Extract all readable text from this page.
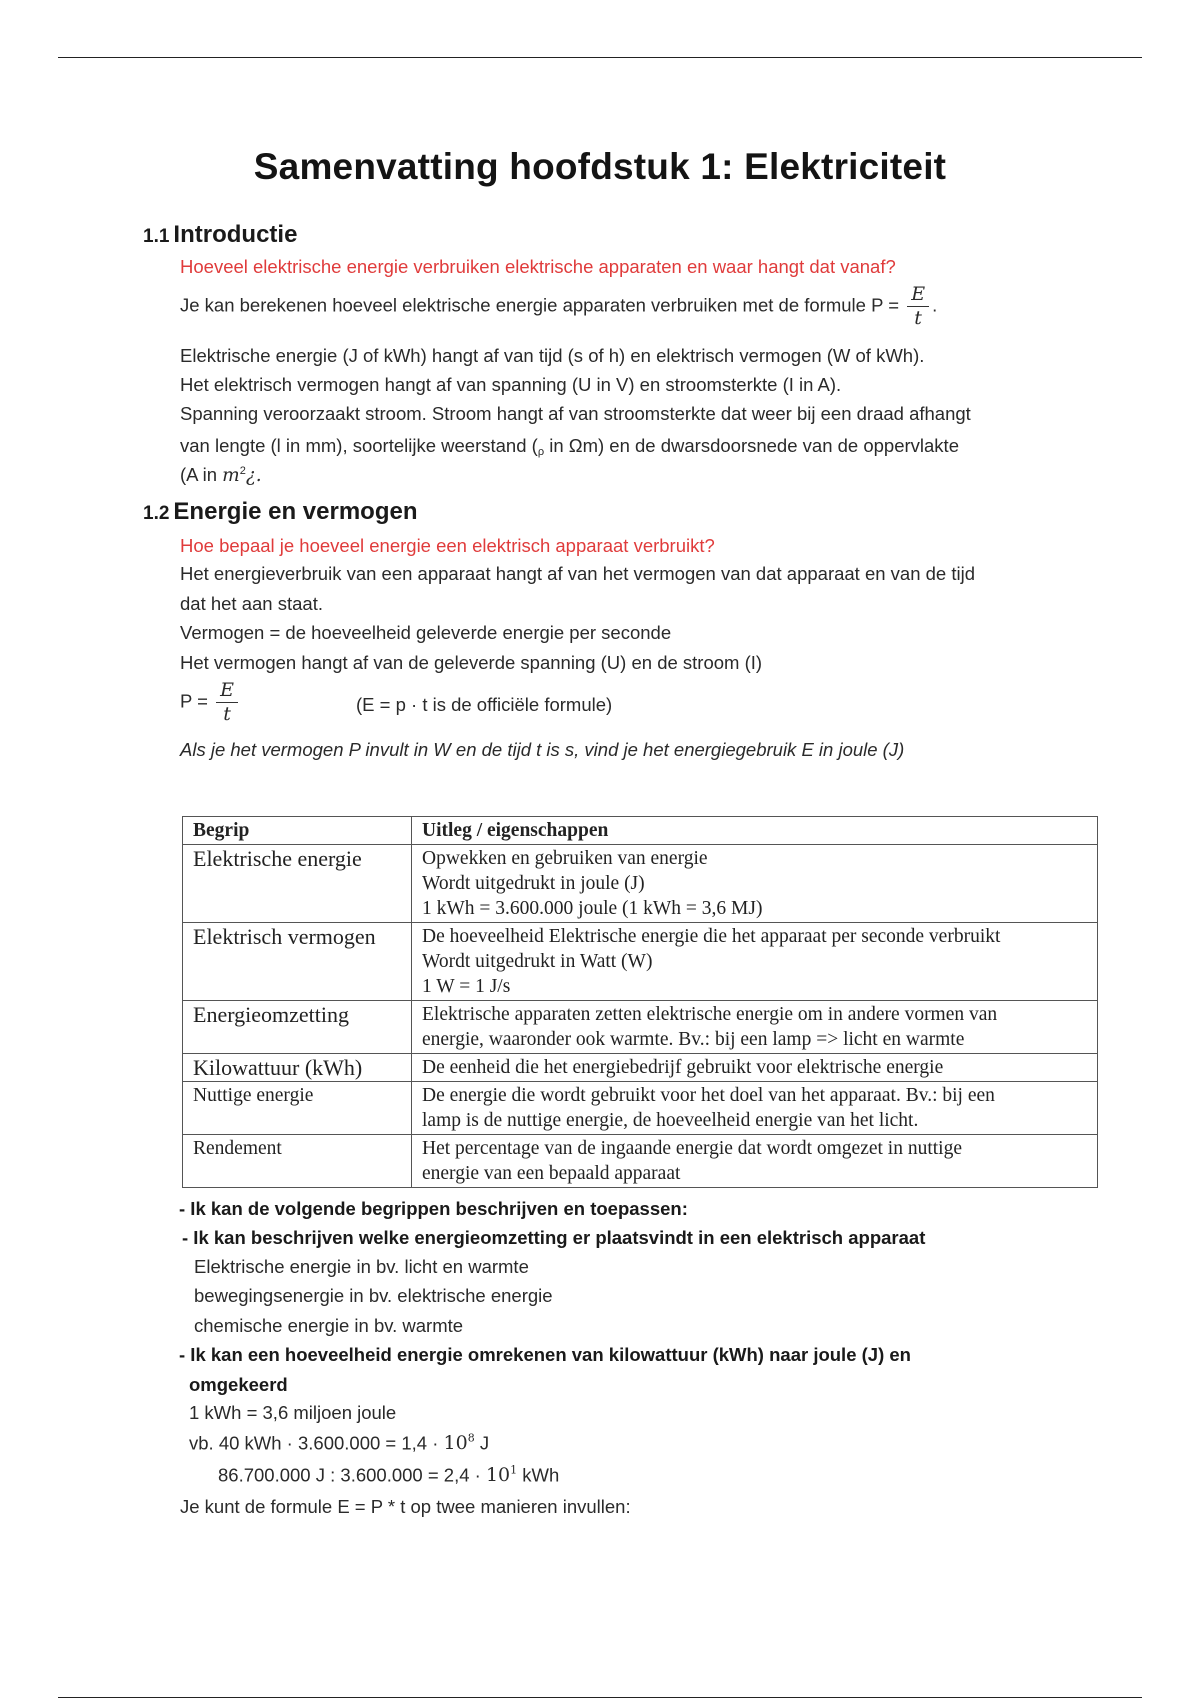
Samenvatting hoofdstuk 1: Elektriciteit
1.1 Introductie
Hoeveel elektrische energie verbruiken elektrische apparaten en waar hangt dat vanaf?
Je kan berekenen hoeveel elektrische energie apparaten verbruiken met de formule $P = \frac{E}{t}$ .
Elektrische energie (J of kWh) hangt af van tijd (s of h) en elektrisch vermogen (W of kWh).
Het elektrisch vermogen hangt af van spanning (U in V) en stroomsterkte (I in A).
Spanning veroorzaakt stroom. Stroom hangt af van stroomsterkte dat weer bij een draad afhangt
van lengte (l in mm), soortelijke weerstand (ρ in Ωm) en de dwarsdoorsnede van de oppervlakte
(A in $m^2¿$.
1.2 Energie en vermogen
Hoe bepaal je hoeveel energie een elektrisch apparaat verbruikt?
Het energieverbruik van een apparaat hangt af van het vermogen van dat apparaat en van de tijd
dat het aan staat.
Vermogen = de hoeveelheid geleverde energie per seconde
Het vermogen hangt af van de geleverde spanning (U) en de stroom (I)
$P = \frac{E}{t}$	(E = p · t is de officiële formule)
Als je het vermogen P invult in W en de tijd t is s, vind je het energiegebruik E in joule (J)
Begrip	Uitleg / eigenschappen
Elektrische energie	Opwekken en gebruiken van energie
Wordt uitgedrukt in joule (J)
1 kWh = 3.600.000 joule (1 kWh = 3,6 MJ)

Elektrisch vermogen	De hoeveelheid Elektrische energie die het apparaat per seconde verbruikt
Wordt uitgedrukt in Watt (W)
1 W = 1 J/s

Energieomzetting	Elektrische apparaten zetten elektrische energie om in andere vormen van
energie, waaronder ook warmte. Bv.: bij een lamp => licht en warmte

Kilowattuur (kWh)	De eenheid die het energiebedrijf gebruikt voor elektrische energie

Nuttige energie	De energie die wordt gebruikt voor het doel van het apparaat. Bv.: bij een
lamp is de nuttige energie, de hoeveelheid energie van het licht.

Rendement	Het percentage van de ingaande energie dat wordt omgezet in nuttige
energie van een bepaald apparaat
- Ik kan de volgende begrippen beschrijven en toepassen:
- Ik kan beschrijven welke energieomzetting er plaatsvindt in een elektrisch apparaat
Elektrische energie in bv. licht en warmte
bewegingsenergie in bv. elektrische energie
chemische energie in bv. warmte
- Ik kan een hoeveelheid energie omrekenen van kilowattuur (kWh) naar joule (J) en
omgekeerd
1 kWh = 3,6 miljoen joule
vb. 40 kWh · $3.600.000 = 1,4 \cdot 10^8$ J
86.700.000 J : $3.600.000 = 2,4 \cdot 10^1$ kWh
Je kunt de formule E = P * t op twee manieren invullen:
